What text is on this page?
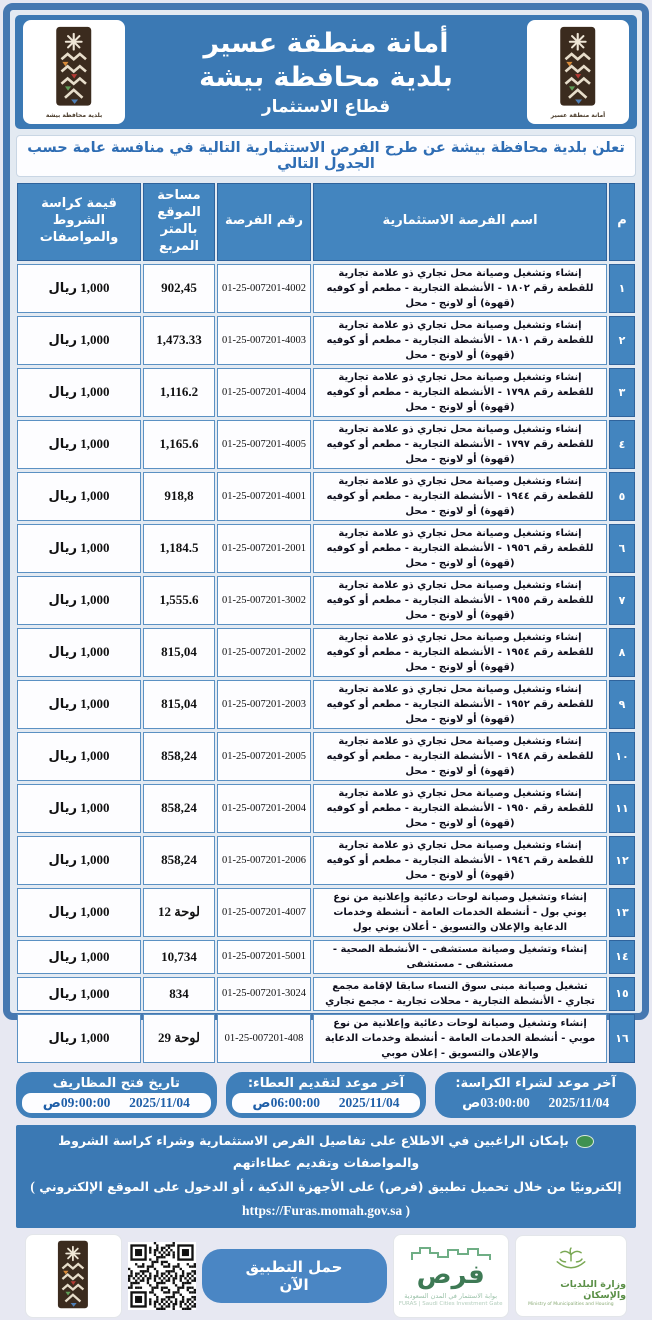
أمانة منطقة عسير
أمانة منطقة عسير
بلدية محافظة بيشة
قطاع الاستثمار
بلدية محافظة بيشة
تعلن بلدية محافظة بيشة عن طرح الفرص الاستثمارية التالية في منافسة عامة حسب الجدول التالي
م	اسم الفرصة الاستثمارية	رقم الفرصة	مساحة الموقع بالمتر المربع	قيمة كراسة الشروط والمواصفات
١	إنشاء وتشغيل وصيانة محل تجاري ذو علامة تجارية للقطعة رقم ١٨٠٢ - الأنشطة التجارية - مطعم أو كوفيه (قهوة) أو لاونج - محل	01-25-007201-4002	902,45	1,000 ريال
٢	إنشاء وتشغيل وصيانة محل تجاري ذو علامة تجارية للقطعة رقم ١٨٠١ - الأنشطة التجارية - مطعم أو كوفيه (قهوة) أو لاونج - محل	01-25-007201-4003	1,473.33	1,000 ريال
٣	إنشاء وتشغيل وصيانة محل تجاري ذو علامة تجارية للقطعة رقم ١٧٩٨ - الأنشطة التجارية - مطعم أو كوفيه (قهوة) أو لاونج - محل	01-25-007201-4004	1,116.2	1,000 ريال
٤	إنشاء وتشغيل وصيانة محل تجاري ذو علامة تجارية للقطعة رقم ١٧٩٧ - الأنشطة التجارية - مطعم أو كوفيه (قهوة) أو لاونج - محل	01-25-007201-4005	1,165.6	1,000 ريال
٥	إنشاء وتشغيل وصيانة محل تجاري ذو علامة تجارية للقطعة رقم ١٩٤٤ - الأنشطة التجارية - مطعم أو كوفيه (قهوة) أو لاونج - محل	01-25-007201-4001	918,8	1,000 ريال
٦	إنشاء وتشغيل وصيانة محل تجاري ذو علامة تجارية للقطعة رقم ١٩٥٦ - الأنشطة التجارية - مطعم أو كوفيه (قهوة) أو لاونج - محل	01-25-007201-2001	1,184.5	1,000 ريال
٧	إنشاء وتشغيل وصيانة محل تجاري ذو علامة تجارية للقطعة رقم ١٩٥٥ - الأنشطة التجارية - مطعم أو كوفيه (قهوة) أو لاونج - محل	01-25-007201-3002	1,555.6	1,000 ريال
٨	إنشاء وتشغيل وصيانة محل تجاري ذو علامة تجارية للقطعة رقم ١٩٥٤ - الأنشطة التجارية - مطعم أو كوفيه (قهوة) أو لاونج - محل	01-25-007201-2002	815,04	1,000 ريال
٩	إنشاء وتشغيل وصيانة محل تجاري ذو علامة تجارية للقطعة رقم ١٩٥٢ - الأنشطة التجارية - مطعم أو كوفيه (قهوة) أو لاونج - محل	01-25-007201-2003	815,04	1,000 ريال
١٠	إنشاء وتشغيل وصيانة محل تجاري ذو علامة تجارية للقطعة رقم ١٩٤٨ - الأنشطة التجارية - مطعم أو كوفيه (قهوة) أو لاونج - محل	01-25-007201-2005	858,24	1,000 ريال
١١	إنشاء وتشغيل وصيانة محل تجاري ذو علامة تجارية للقطعة رقم ١٩٥٠ - الأنشطة التجارية - مطعم أو كوفيه (قهوة) أو لاونج - محل	01-25-007201-2004	858,24	1,000 ريال
١٢	إنشاء وتشغيل وصيانة محل تجاري ذو علامة تجارية للقطعة رقم ١٩٤٦ - الأنشطة التجارية - مطعم أو كوفيه (قهوة) أو لاونج - محل	01-25-007201-2006	858,24	1,000 ريال
١٣	إنشاء وتشغيل وصيانة لوحات دعائية وإعلانية من نوع يوني بول - أنشطة الخدمات العامة - أنشطة وخدمات الدعاية والإعلان والتسويق - أعلان يوني بول	01-25-007201-4007	12 لوحة	1,000 ريال
١٤	إنشاء وتشغيل وصيانة مستشفى - الأنشطة الصحية - مستشفى - مستشفى	01-25-007201-5001	10,734	1,000 ريال
١٥	تشغيل وصيانة مبنى سوق النساء سابقا لإقامة مجمع تجاري - الأنشطة التجارية - محلات تجارية - مجمع تجاري	01-25-007201-3024	834	1,000 ريال
١٦	إنشاء وتشغيل وصيانة لوحات دعائية وإعلانية من نوع موبي - أنشطة الخدمات العامة - أنشطة وخدمات الدعاية والإعلان والتسويق - إعلان موبي	01-25-007201-408	29 لوحة	1,000 ريال
آخر موعد لشراء الكراسة:
03:00:00ص 2025/11/04
آخر موعد لتقديم العطاء:
06:00:00ص 2025/11/04
تاريخ فتح المظاريف
09:00:00ص 2025/11/04
بإمكان الراغبين في الاطلاع على تفاصيل الفرص الاستثمارية وشراء كراسة الشروط والمواصفات وتقديم عطاءاتهم
إلكترونيًا من خلال تحميل تطبيق (فرص) على الأجهزة الذكية ، أو الدخول على الموقع الإلكتروني ( https://Furas.momah.gov.sa )
وزارة البلديات والإسكان
Ministry of Municipalities and Housing
فرص
بوابة الاستثمار في المدن السعودية
FURAS | Saudi Cities Investment Gate
حمل التطبيق الآن
